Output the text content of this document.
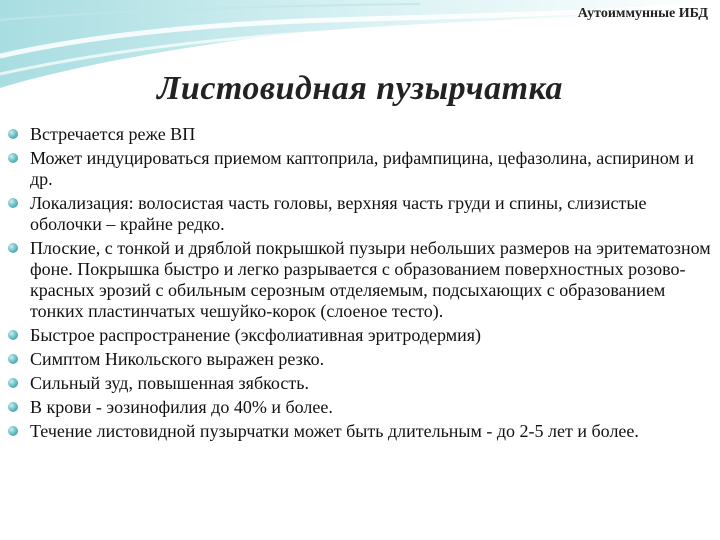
Аутоиммунные ИБД
Листовидная пузырчатка
Встречается реже ВП
Может индуцироваться приемом каптоприла, рифампицина, цефазолина, аспирином и др.
Локализация: волосистая часть головы, верхняя часть груди и спины, слизистые оболочки – крайне редко.
Плоские, с тонкой и дряблой покрышкой пузыри небольших размеров на эритематозном фоне. Покрышка быстро и легко разрывается с образованием поверхностных розово-красных эрозий с обильным серозным отделяемым, подсыхающих с образованием тонких пластинчатых чешуйко-корок (слоеное тесто).
Быстрое распространение (эксфолиативная эритродермия)
Симптом Никольского выражен резко.
Сильный зуд, повышенная зябкость.
В крови - эозинофилия до 40% и более.
Течение листовидной пузырчатки может быть длительным - до 2-5 лет и более.
